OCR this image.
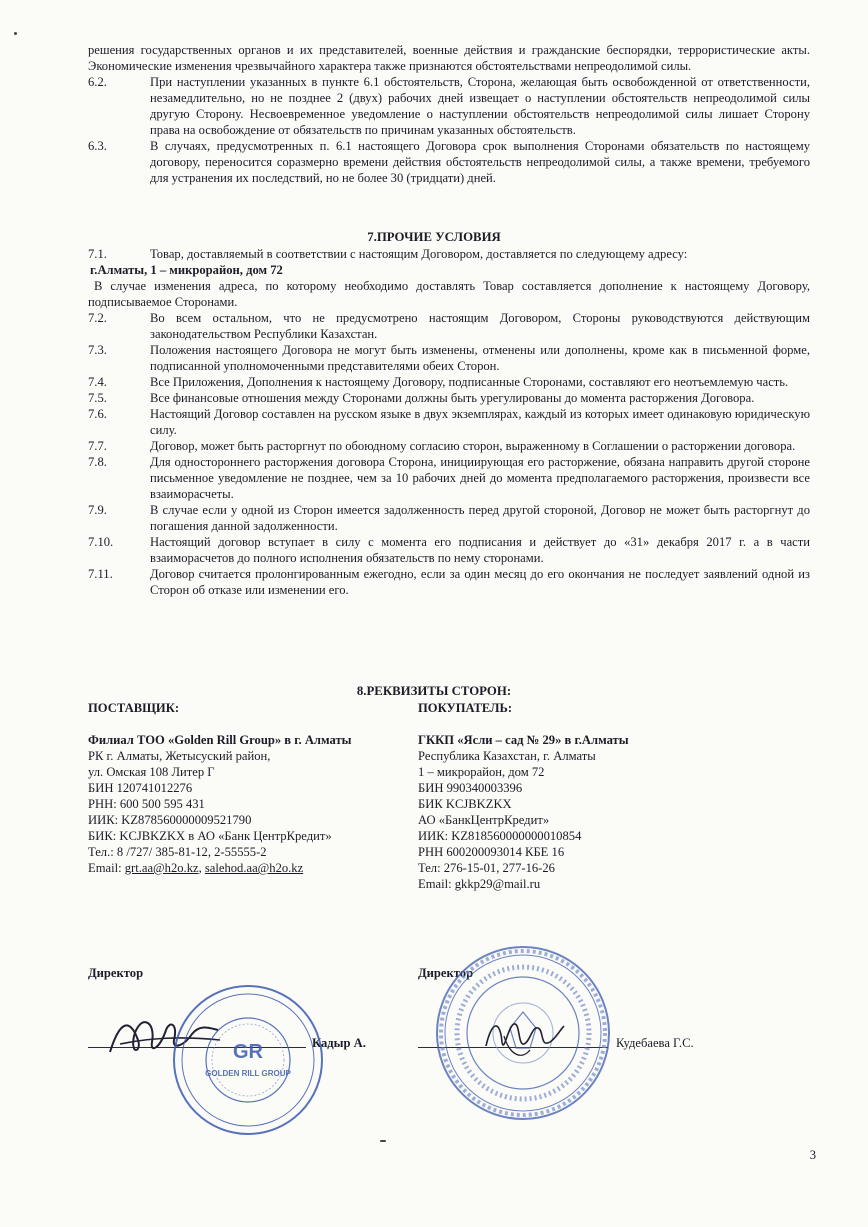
решения государственных органов и их представителей, военные действия и гражданские беспорядки, террористические акты. Экономические изменения чрезвычайного характера также признаются обстоятельствами непреодолимой силы.

6.2.	При наступлении указанных в пункте 6.1 обстоятельств, Сторона, желающая быть освобожденной от ответственности, незамедлительно, но не позднее 2 (двух) рабочих дней извещает о наступлении обстоятельств непреодолимой силы другую Сторону. Несвоевременное уведомление о наступлении обстоятельств непреодолимой силы лишает Сторону права на освобождение от обязательств по причинам указанных обстоятельств.
6.3.	В случаях, предусмотренных п. 6.1 настоящего Договора срок выполнения Сторонами обязательств по настоящему договору, переносится соразмерно времени действия обстоятельств непреодолимой силы, а также времени, требуемого для устранения их последствий, но не более 30 (тридцати) дней.
7.ПРОЧИЕ УСЛОВИЯ
7.1.	Товар, доставляемый в соответствии с настоящим Договором, доставляется по следующему адресу:

г.Алматы, 1 – микрорайон, дом 72

В случае изменения адреса, по которому необходимо доставлять Товар составляется дополнение к настоящему Договору, подписываемое Сторонами.

7.2.	Во всем остальном, что не предусмотрено настоящим Договором, Стороны руководствуются действующим законодательством Республики Казахстан.
7.3.	Положения настоящего Договора не могут быть изменены, отменены или дополнены, кроме как в письменной форме, подписанной уполномоченными представителями обеих Сторон.
7.4.	Все Приложения, Дополнения к настоящему Договору, подписанные Сторонами, составляют его неотъемлемую часть.
7.5.	Все финансовые отношения между Сторонами должны быть урегулированы до момента расторжения Договора.
7.6.	Настоящий Договор составлен на русском языке в двух экземплярах, каждый из которых имеет одинаковую юридическую силу.
7.7.	Договор, может быть расторгнут по обоюдному согласию сторон, выраженному в Соглашении о расторжении договора.
7.8.	Для одностороннего расторжения договора Сторона, инициирующая его расторжение, обязана направить другой стороне письменное уведомление не позднее, чем за 10 рабочих дней до момента предполагаемого расторжения, произвести все взаиморасчеты.
7.9.	В случае если у одной из Сторон имеется задолженность перед другой стороной, Договор не может быть расторгнут до погашения данной задолженности.
7.10.	Настоящий договор вступает в силу с момента его подписания и действует до «31» декабря 2017 г. а в части взаиморасчетов до полного исполнения обязательств по нему сторонами.
7.11.	Договор считается пролонгированным ежегодно, если за один месяц до его окончания не последует заявлений одной из Сторон об отказе или изменении его.
8.РЕКВИЗИТЫ СТОРОН:
ПОСТАВЩИК:
Филиал ТОО «Golden Rill Group» в г. Алматы
РК г. Алматы, Жетысуский район,
ул. Омская 108 Литер Г
БИН 120741012276
РНН: 600 500 595 431
ИИК: KZ878560000009521790
БИК: KCJBKZKX в АО «Банк ЦентрКредит»
Тел.: 8 /727/ 385-81-12, 2-55555-2
Email: grt.aa@h2o.kz, salehod.aa@h2o.kz
ПОКУПАТЕЛЬ:
ГККП «Ясли – сад № 29» в г.Алматы
Республика Казахстан, г. Алматы
1 – микрорайон, дом 72
БИН 990340003396
БИК KCJBKZKX
АО «БанкЦентрКредит»
ИИК: KZ818560000000010854
РНН 600200093014 КБЕ 16
Тел: 276-15-01, 277-16-26
Email: gkkp29@mail.ru
Директор
Кадыр А.
Директор
Кудебаева Г.С.
GR
GOLDEN RILL GROUP
3
